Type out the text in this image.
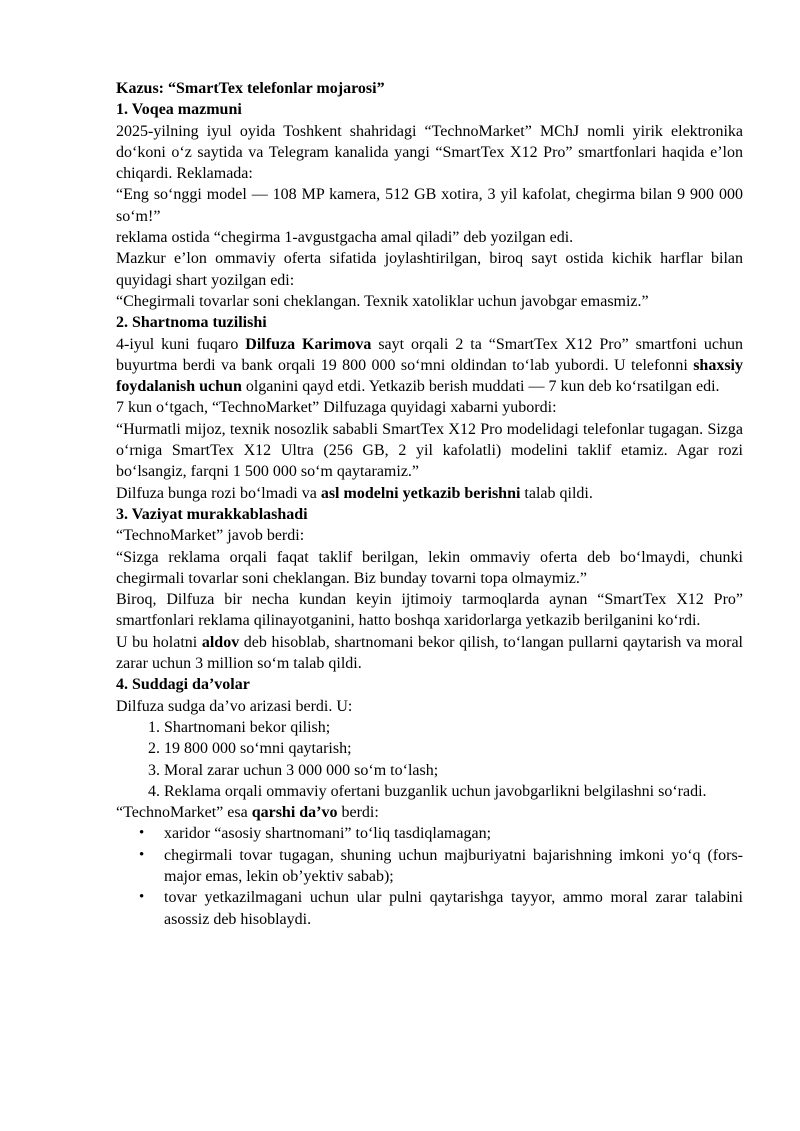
Kazus: “SmartTex telefonlar mojarosi”

1. Voqea mazmuni

2025-yilning iyul oyida Toshkent shahridagi “TechnoMarket” MChJ nomli yirik elektronika do‘koni o‘z saytida va Telegram kanalida yangi “SmartTex X12 Pro” smartfonlari haqida e’lon chiqardi. Reklamada:

“Eng so‘nggi model — 108 MP kamera, 512 GB xotira, 3 yil kafolat, chegirma bilan 9 900 000 so‘m!”

reklama ostida “chegirma 1-avgustgacha amal qiladi” deb yozilgan edi.

Mazkur e’lon ommaviy oferta sifatida joylashtirilgan, biroq sayt ostida kichik harflar bilan quyidagi shart yozilgan edi:

“Chegirmali tovarlar soni cheklangan. Texnik xatoliklar uchun javobgar emasmiz.”

2. Shartnoma tuzilishi

4-iyul kuni fuqaro Dilfuza Karimova sayt orqali 2 ta “SmartTex X12 Pro” smartfoni uchun buyurtma berdi va bank orqali 19 800 000 so‘mni oldindan to‘lab yubordi. U telefonni shaxsiy foydalanish uchun olganini qayd etdi. Yetkazib berish muddati — 7 kun deb ko‘rsatilgan edi.

7 kun o‘tgach, “TechnoMarket” Dilfuzaga quyidagi xabarni yubordi:

“Hurmatli mijoz, texnik nosozlik sababli SmartTex X12 Pro modelidagi telefonlar tugagan. Sizga o‘rniga SmartTex X12 Ultra (256 GB, 2 yil kafolatli) modelini taklif etamiz. Agar rozi bo‘lsangiz, farqni 1 500 000 so‘m qaytaramiz.”

Dilfuza bunga rozi bo‘lmadi va asl modelni yetkazib berishni talab qildi.

3. Vaziyat murakkablashadi

“TechnoMarket” javob berdi:

“Sizga reklama orqali faqat taklif berilgan, lekin ommaviy oferta deb bo‘lmaydi, chunki chegirmali tovarlar soni cheklangan. Biz bunday tovarni topa olmaymiz.”

Biroq, Dilfuza bir necha kundan keyin ijtimoiy tarmoqlarda aynan “SmartTex X12 Pro” smartfonlari reklama qilinayotganini, hatto boshqa xaridorlarga yetkazib berilganini ko‘rdi.

U bu holatni aldov deb hisoblab, shartnomani bekor qilish, to‘langan pullarni qaytarish va moral zarar uchun 3 million so‘m talab qildi.

4. Suddagi da’volar

Dilfuza sudga da’vo arizasi berdi. U:

1. Shartnomani bekor qilish;
2. 19 800 000 so‘mni qaytarish;
3. Moral zarar uchun 3 000 000 so‘m to‘lash;
4. Reklama orqali ommaviy ofertani buzganlik uchun javobgarlikni belgilashni so‘radi.

“TechnoMarket” esa qarshi da’vo berdi:

• xaridor “asosiy shartnomani” to‘liq tasdiqlamagan;
• chegirmali tovar tugagan, shuning uchun majburiyatni bajarishning imkoni yo‘q (fors-major emas, lekin ob’yektiv sabab);
• tovar yetkazilmagani uchun ular pulni qaytarishga tayyor, ammo moral zarar talabini asossiz deb hisoblaydi.
